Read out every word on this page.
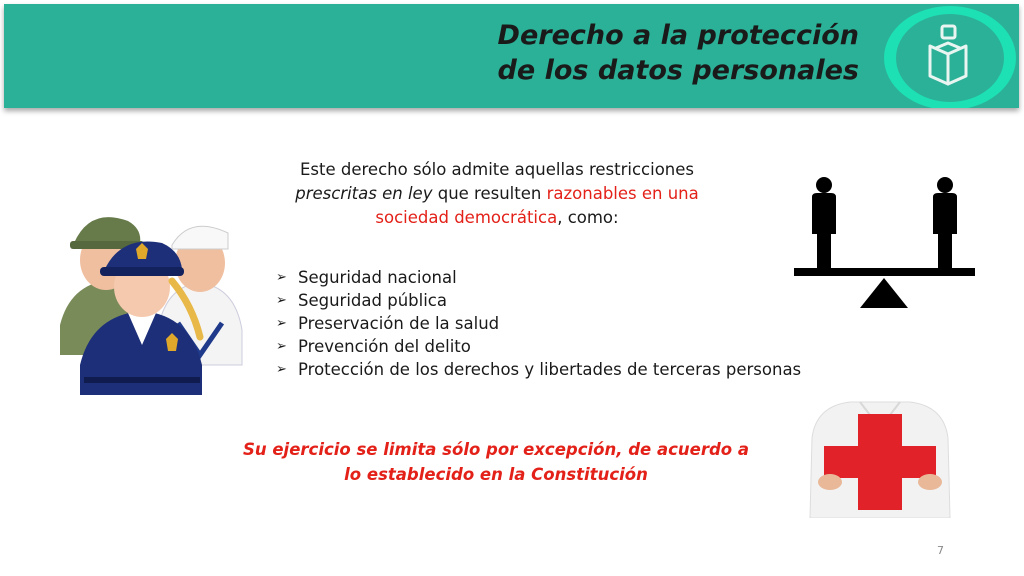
Derecho a la protección
de los datos personales

Este derecho sólo admite aquellas restricciones
prescritas en ley que resulten razonables en una sociedad democrática, como:

➢ Seguridad nacional
➢ Seguridad pública
➢ Preservación de la salud
➢ Prevención del delito
➢ Protección de los derechos y libertades de terceras personas

Su ejercicio se limita sólo por excepción, de acuerdo a
lo establecido en la Constitución

7
